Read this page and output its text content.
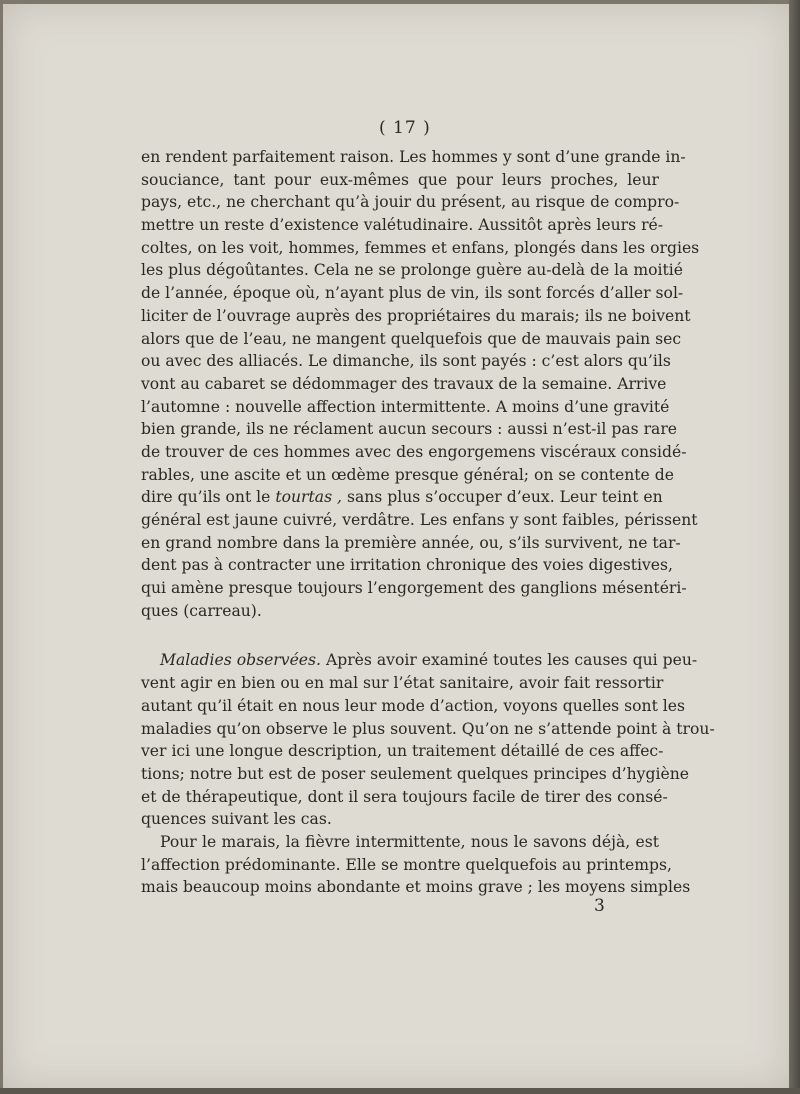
( 17 )
en rendent parfaitement raison. Les hommes y sont d’une grande in-
souciance, tant pour eux-mêmes que pour leurs proches, leur
pays, etc., ne cherchant qu’à jouir du présent, au risque de compro-
mettre un reste d’existence valétudinaire. Aussitôt après leurs ré-
coltes, on les voit, hommes, femmes et enfans, plongés dans les orgies
les plus dégoûtantes. Cela ne se prolonge guère au-delà de la moitié
de l’année, époque où, n’ayant plus de vin, ils sont forcés d’aller sol-
liciter de l’ouvrage auprès des propriétaires du marais; ils ne boivent
alors que de l’eau, ne mangent quelquefois que de mauvais pain sec
ou avec des alliacés. Le dimanche, ils sont payés : c’est alors qu’ils
vont au cabaret se dédommager des travaux de la semaine. Arrive
l’automne : nouvelle affection intermittente. A moins d’une gravité
bien grande, ils ne réclament aucun secours : aussi n’est-il pas rare
de trouver de ces hommes avec des engorgemens viscéraux considé-
rables, une ascite et un œdème presque général; on se contente de
dire qu’ils ont le tourtas , sans plus s’occuper d’eux. Leur teint en
général est jaune cuivré, verdâtre. Les enfans y sont faibles, périssent
en grand nombre dans la première année, ou, s’ils survivent, ne tar-
dent pas à contracter une irritation chronique des voies digestives,
qui amène presque toujours l’engorgement des ganglions mésentéri-
ques (carreau).
Maladies observées. Après avoir examiné toutes les causes qui peu-
vent agir en bien ou en mal sur l’état sanitaire, avoir fait ressortir
autant qu’il était en nous leur mode d’action, voyons quelles sont les
maladies qu’on observe le plus souvent. Qu’on ne s’attende point à trou-
ver ici une longue description, un traitement détaillé de ces affec-
tions; notre but est de poser seulement quelques principes d’hygiène
et de thérapeutique, dont il sera toujours facile de tirer des consé-
quences suivant les cas.
Pour le marais, la fièvre intermittente, nous le savons déjà, est
l’affection prédominante. Elle se montre quelquefois au printemps,
mais beaucoup moins abondante et moins grave ; les moyens simples
3
